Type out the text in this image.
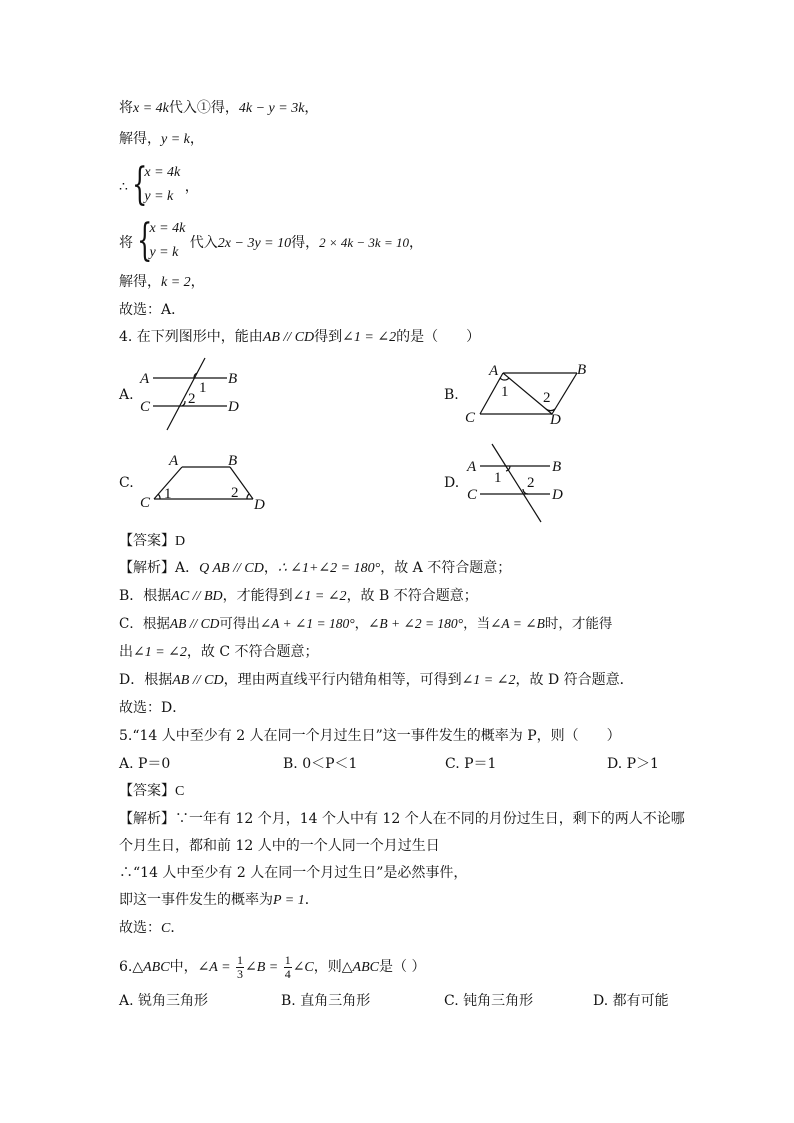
将x = 4k代入①得，4k − y = 3k，
解得，y = k，
∴ {
x = 4k
y = k
，
将 {
x = 4k
y = k
代入2x − 3y = 10得，2 × 4k − 3k = 10，
解得，k = 2，
故选：A．
4. 在下列图形中，能由AB // CD得到∠1 = ∠2的是（　　）
A.	B.
C.	D.
A	B
C	D
1
2
A	B
C	D
1 2
A	B
C	D
1	2
A	B
C	D
1 2
【答案】D
【解析】A．Q AB // CD，∴ ∠1+∠2 = 180°，故 A 不符合题意；
B．根据AC // BD，才能得到∠1 = ∠2，故 B 不符合题意；
C．根据AB // CD可得出∠A + ∠1 = 180°，∠B + ∠2 = 180°，当∠A = ∠B时，才能得
出∠1 = ∠2，故 C 不符合题意；
D．根据AB // CD，理由两直线平行内错角相等，可得到∠1 = ∠2，故 D 符合题意．
故选：D．
5.“14 人中至少有 2 人在同一个月过生日”这一事件发生的概率为 P，则（　　）
A. P＝0	B. 0＜P＜1	C. P＝1	D. P＞1
【答案】C
【解析】∵一年有 12 个月，14 个人中有 12 个人在不同的月份过生日，剩下的两人不论哪
个月生日，都和前 12 人中的一个人同一个月过生日
∴“14 人中至少有 2 人在同一个月过生日”是必然事件，
即这一事件发生的概率为P = 1．
故选：C．
6.△ABC中，∠A = $\frac{1}{3}$ ∠B = $\frac{1}{4}$ ∠C，则△ABC是（ ）
A. 锐角三角形	B. 直角三角形	C. 钝角三角形	D. 都有可能
